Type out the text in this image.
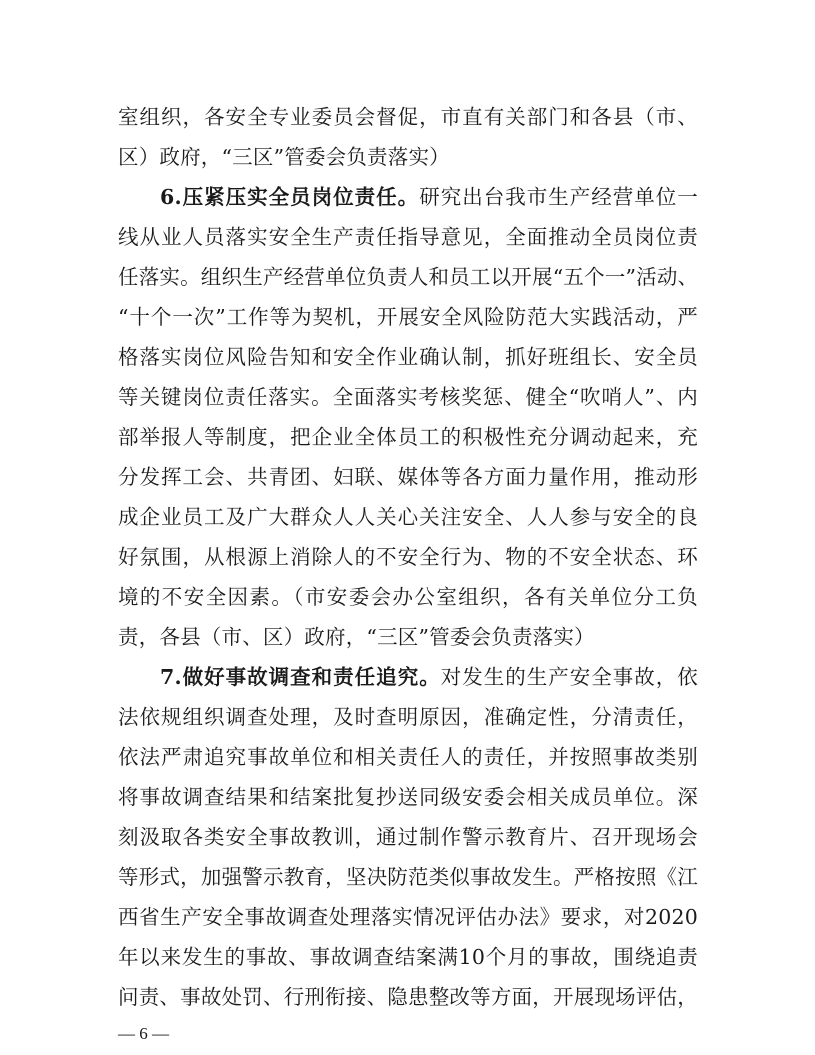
室组织，各安全专业委员会督促，市直有关部门和各县（市、
区）政府，“三区”管委会负责落实）
6.压紧压实全员岗位责任。研究出台我市生产经营单位一
线从业人员落实安全生产责任指导意见，全面推动全员岗位责
任落实。组织生产经营单位负责人和员工以开展“五个一”活动、
“十个一次”工作等为契机，开展安全风险防范大实践活动，严
格落实岗位风险告知和安全作业确认制，抓好班组长、安全员
等关键岗位责任落实。全面落实考核奖惩、健全“吹哨人”、内
部举报人等制度，把企业全体员工的积极性充分调动起来，充
分发挥工会、共青团、妇联、媒体等各方面力量作用，推动形
成企业员工及广大群众人人关心关注安全、人人参与安全的良
好氛围，从根源上消除人的不安全行为、物的不安全状态、环
境的不安全因素。（市安委会办公室组织，各有关单位分工负
责，各县（市、区）政府，“三区”管委会负责落实）
7.做好事故调查和责任追究。对发生的生产安全事故，依
法依规组织调查处理，及时查明原因，准确定性，分清责任，
依法严肃追究事故单位和相关责任人的责任，并按照事故类别
将事故调查结果和结案批复抄送同级安委会相关成员单位。深
刻汲取各类安全事故教训，通过制作警示教育片、召开现场会
等形式，加强警示教育，坚决防范类似事故发生。严格按照《江
西省生产安全事故调查处理落实情况评估办法》要求，对2020
年以来发生的事故、事故调查结案满10个月的事故，围绕追责
问责、事故处罚、行刑衔接、隐患整改等方面，开展现场评估，
— 6 —
